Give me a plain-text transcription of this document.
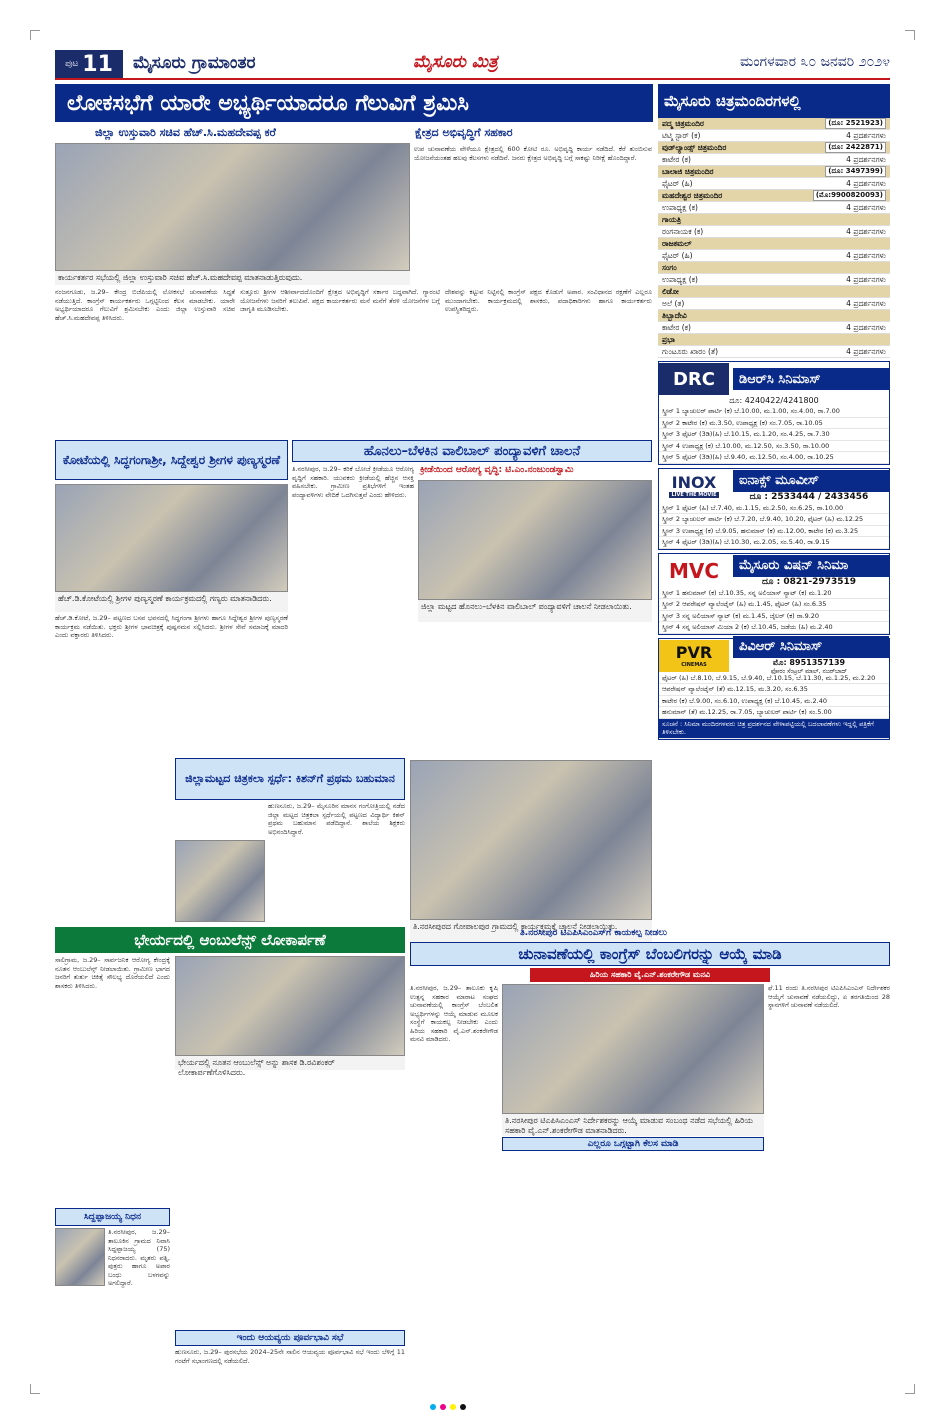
ಪುಟ 11 ಮೈಸೂರು ಗ್ರಾಮಾಂತರ	ಮೈಸೂರು ಮಿತ್ರ	ಮಂಗಳವಾರ ೩೦ ಜನವರಿ ೨೦೨೪
ಲೋಕಸಭೆಗೆ ಯಾರೇ ಅಭ್ಯರ್ಥಿಯಾದರೂ ಗೆಲುವಿಗೆ ಶ್ರಮಿಸಿ
ಜಿಲ್ಲಾ ಉಸ್ತುವಾರಿ ಸಚಿವ ಹೆಚ್.ಸಿ.ಮಹದೇವಪ್ಪ ಕರೆ	ಕ್ಷೇತ್ರದ ಅಭಿವೃದ್ಧಿಗೆ ಸಹಕಾರ
ಕಾರ್ಯಕರ್ತರ ಸಭೆಯಲ್ಲಿ ಜಿಲ್ಲಾ ಉಸ್ತುವಾರಿ ಸಚಿವ ಹೆಚ್.ಸಿ.ಮಹದೇವಪ್ಪ ಮಾತನಾಡುತ್ತಿರುವುದು.
ಉಪ ಚುನಾವಣೆಯ ವೇಳೆಯೂ ಕ್ಷೇತ್ರದಲ್ಲಿ 600 ಕೋಟಿ ರೂ. ಅಭಿವೃದ್ಧಿ ಕಾರ್ಯ ನಡೆದಿದೆ. ಕೆರೆ ತುಂಬಿಸುವ ಯೋಜನೆಯಂತಹ ಹಲವು ಕೆಲಸಗಳು ನಡೆದಿವೆ. ಜನರು ಕ್ಷೇತ್ರದ ಅಭಿವೃದ್ಧಿ ಬಗ್ಗೆ ಸಾಕಷ್ಟು ನಿರೀಕ್ಷೆ ಹೊಂದಿದ್ದಾರೆ.
ನಂಜನಗೂಡು, ಜ.29– ಕೇಂದ್ರ ಬಿಜೆಪಿಯಲ್ಲಿ ಲೋಕಸಭೆ ಚುನಾವಣೆಯ ಸಿದ್ಧತೆ ನಡೆಯುತ್ತಿದೆ. ಕಾಂಗ್ರೆಸ್ ಕಾರ್ಯಕರ್ತರು ಒಗ್ಗಟ್ಟಿನಿಂದ ಕೆಲಸ ಮಾಡಬೇಕು. ಯಾರೇ ಅಭ್ಯರ್ಥಿಯಾದರೂ ಗೆಲುವಿಗೆ ಶ್ರಮಿಸಬೇಕು ಎಂದು ಜಿಲ್ಲಾ ಉಸ್ತುವಾರಿ ಸಚಿವ ಹೆಚ್.ಸಿ.ಮಹದೇವಪ್ಪ ತಿಳಿಸಿದರು.
ಸುತ್ತೂರು ಶ್ರೀಗಳ ಆಶೀರ್ವಾದದೊಂದಿಗೆ ಕ್ಷೇತ್ರದ ಅಭಿವೃದ್ಧಿಗೆ ಸರ್ಕಾರ ಬದ್ಧವಾಗಿದೆ. ಗ್ಯಾರಂಟಿ ಯೋಜನೆಗಳು ಜನರಿಗೆ ತಲುಪಿವೆ. ಪಕ್ಷದ ಕಾರ್ಯಕರ್ತರು ಮನೆ ಮನೆಗೆ ತೆರಳಿ ಯೋಜನೆಗಳ ಬಗ್ಗೆ ಜಾಗೃತಿ ಮೂಡಿಸಬೇಕು.
ದೇಶವನ್ನು ಕಟ್ಟುವ ನಿಟ್ಟಿನಲ್ಲಿ ಕಾಂಗ್ರೆಸ್ ಪಕ್ಷದ ಕೊಡುಗೆ ಅಪಾರ. ಸಂವಿಧಾನದ ರಕ್ಷಣೆಗೆ ಎಲ್ಲರೂ ಮುಂದಾಗಬೇಕು. ಕಾರ್ಯಕ್ರಮದಲ್ಲಿ ಶಾಸಕರು, ಪದಾಧಿಕಾರಿಗಳು ಹಾಗೂ ಕಾರ್ಯಕರ್ತರು ಉಪಸ್ಥಿತರಿದ್ದರು.
ಕೋಟೆಯಲ್ಲಿ ಸಿದ್ಧಗಂಗಾಶ್ರೀ, ಸಿದ್ದೇಶ್ವರ ಶ್ರೀಗಳ ಪುಣ್ಯಸ್ಮರಣೆ
ಹೆಚ್.ಡಿ.ಕೋಟೆಯಲ್ಲಿ ಶ್ರೀಗಳ ಪುಣ್ಯಸ್ಮರಣೆ ಕಾರ್ಯಕ್ರಮದಲ್ಲಿ ಗಣ್ಯರು ಮಾತನಾಡಿದರು.
ಹೆಚ್.ಡಿ.ಕೋಟೆ, ಜ.29– ಪಟ್ಟಣದ ಬಸವ ಭವನದಲ್ಲಿ ಸಿದ್ಧಗಂಗಾ ಶ್ರೀಗಳು ಹಾಗೂ ಸಿದ್ದೇಶ್ವರ ಶ್ರೀಗಳ ಪುಣ್ಯಸ್ಮರಣೆ ಕಾರ್ಯಕ್ರಮ ನಡೆಯಿತು. ಭಕ್ತರು ಶ್ರೀಗಳ ಭಾವಚಿತ್ರಕ್ಕೆ ಪುಷ್ಪನಮನ ಸಲ್ಲಿಸಿದರು. ಶ್ರೀಗಳ ಸೇವೆ ಸಮಾಜಕ್ಕೆ ಮಾದರಿ ಎಂದು ವಕ್ತಾರರು ತಿಳಿಸಿದರು.
ಹೊನಲು–ಬೆಳಕಿನ ವಾಲಿಬಾಲ್ ಪಂದ್ಯಾವಳಿಗೆ ಚಾಲನೆ
ಕ್ರೀಡೆಯಿಂದ ಆರೋಗ್ಯ ವೃದ್ಧಿ: ಟಿ.ಎಂ.ನಂಜುಂಡಸ್ವಾಮಿ
ತಿ.ನರಸೀಪುರ, ಜ.29– ಕರಿಕೆ ಬೋಜೆ ಕ್ರೀಡೆಯೂ ಆರೋಗ್ಯ ವೃದ್ಧಿಗೆ ಸಹಕಾರಿ. ಯುವಕರು ಕ್ರೀಡೆಯಲ್ಲಿ ಹೆಚ್ಚಿನ ಆಸಕ್ತಿ ವಹಿಸಬೇಕು. ಗ್ರಾಮೀಣ ಪ್ರತಿಭೆಗಳಿಗೆ ಇಂತಹ ಪಂದ್ಯಾವಳಿಗಳು ವೇದಿಕೆ ಒದಗಿಸುತ್ತವೆ ಎಂದು ಹೇಳಿದರು.
ಜಿಲ್ಲಾ ಮಟ್ಟದ ಹೊನಲು–ಬೆಳಕಿನ ವಾಲಿಬಾಲ್ ಪಂದ್ಯಾವಳಿಗೆ ಚಾಲನೆ ನೀಡಲಾಯಿತು.
ಜಿಲ್ಲಾಮಟ್ಟದ ಚಿತ್ರಕಲಾ ಸ್ಪರ್ಧೆ: ಕಿಶನ್‌ಗೆ ಪ್ರಥಮ ಬಹುಮಾನ
ಹುಣಸೂರು, ಜ.29– ಮೈಸೂರಿನ ಮಾನಸ ಗಂಗೋತ್ರಿಯಲ್ಲಿ ನಡೆದ ಜಿಲ್ಲಾ ಮಟ್ಟದ ಚಿತ್ರಕಲಾ ಸ್ಪರ್ಧೆಯಲ್ಲಿ ಪಟ್ಟಣದ ವಿದ್ಯಾರ್ಥಿ ಕಿಶನ್ ಪ್ರಥಮ ಬಹುಮಾನ ಪಡೆದಿದ್ದಾನೆ. ಶಾಲೆಯ ಶಿಕ್ಷಕರು ಅಭಿನಂದಿಸಿದ್ದಾರೆ.
ತಿ.ನರಸೀಪುರದ ಗೋಪಾಲಪುರ ಗ್ರಾಮದಲ್ಲಿ ಕಾರ್ಯಕ್ರಮಕ್ಕೆ ಚಾಲನೆ ನೀಡಲಾಯಿತು.
ಭೇರ್ಯದಲ್ಲಿ ಆಂಬುಲೆನ್ಸ್ ಲೋಕಾರ್ಪಣೆ
ಸಾಲಿಗ್ರಾಮ, ಜ.29– ಸಾರ್ವಜನಿಕ ಆರೋಗ್ಯ ಕೇಂದ್ರಕ್ಕೆ ನೂತನ ಆಂಬುಲೆನ್ಸ್ ನೀಡಲಾಯಿತು. ಗ್ರಾಮೀಣ ಭಾಗದ ಜನರಿಗೆ ತುರ್ತು ಚಿಕಿತ್ಸೆ ಸೌಲಭ್ಯ ದೊರೆಯಲಿದೆ ಎಂದು ಶಾಸಕರು ತಿಳಿಸಿದರು.
ಭೇರ್ಯದಲ್ಲಿ ನೂತನ ಆಂಬುಲೆನ್ಸ್ ಅನ್ನು ಶಾಸಕ ಡಿ.ರವಿಶಂಕರ್ ಲೋಕಾರ್ಪಣೆಗೊಳಿಸಿದರು.
ಸಿದ್ದಪ್ಪಾಜಯ್ಯ ನಿಧನ
ತಿ.ನರಸೀಪುರ, ಜ.29– ತಾಲೂಕಿನ ಗ್ರಾಮದ ನಿವಾಸಿ ಸಿದ್ದಪ್ಪಾಜಯ್ಯ (75) ನಿಧನರಾದರು. ಮೃತರು ಪತ್ನಿ, ಪುತ್ರರು ಹಾಗೂ ಅಪಾರ ಬಂಧು ಬಳಗವನ್ನು ಅಗಲಿದ್ದಾರೆ.
ಇಂದು ಆಯವ್ಯಯ ಪೂರ್ವಭಾವಿ ಸಭೆ
ಹುಣಸೂರು, ಜ.29– ಪುರಸಭೆಯ 2024–25ನೇ ಸಾಲಿನ ಆಯವ್ಯಯ ಪೂರ್ವಭಾವಿ ಸಭೆ ಇಂದು ಬೆಳಿಗ್ಗೆ 11 ಗಂಟೆಗೆ ಸಭಾಂಗಣದಲ್ಲಿ ನಡೆಯಲಿದೆ.
ತಿ.ನರಸೀಪುರ ಟಿಎಪಿಸಿಎಂಎಸ್‌ಗೆ ಕಾಯಕಲ್ಪ ನೀಡಲು
ಚುನಾವಣೆಯಲ್ಲಿ ಕಾಂಗ್ರೆಸ್ ಬೆಂಬಲಿಗರನ್ನು ಆಯ್ಕೆ ಮಾಡಿ
ಹಿರಿಯ ಸಹಕಾರಿ ವೈ.ಎನ್.ಶಂಕರೇಗೌಡ ಮನವಿ
ತಿ.ನರಸೀಪುರ, ಜ.29– ತಾಲೂಕು ಕೃಷಿ ಉತ್ಪನ್ನ ಸಹಕಾರ ಮಾರಾಟ ಸಂಘದ ಚುನಾವಣೆಯಲ್ಲಿ ಕಾಂಗ್ರೆಸ್ ಬೆಂಬಲಿತ ಅಭ್ಯರ್ಥಿಗಳನ್ನು ಆಯ್ಕೆ ಮಾಡುವ ಮೂಲಕ ಸಂಸ್ಥೆಗೆ ಕಾಯಕಲ್ಪ ನೀಡಬೇಕು ಎಂದು ಹಿರಿಯ ಸಹಕಾರಿ ವೈ.ಎನ್.ಶಂಕರೇಗೌಡ ಮನವಿ ಮಾಡಿದರು.
ತಿ.ನರಸೀಪುರ ಟಿಎಪಿಸಿಎಂಎಸ್ ನಿರ್ದೇಶಕರನ್ನು ಆಯ್ಕೆ ಮಾಡುವ ಸಂಬಂಧ ನಡೆದ ಸಭೆಯಲ್ಲಿ ಹಿರಿಯ ಸಹಕಾರಿ ವೈ.ಎನ್.ಶಂಕರೇಗೌಡ ಮಾತನಾಡಿದರು.
ಎಲ್ಲರೂ ಒಗ್ಗಟ್ಟಾಗಿ ಕೆಲಸ ಮಾಡಿ
ಫೆ.11 ರಂದು ತಿ.ನರಸೀಪುರ ಟಿಎಪಿಸಿಎಂಎಸ್ ನಿರ್ದೇಶಕರ ಆಯ್ಕೆಗೆ ಚುನಾವಣೆ ನಡೆಯಲಿದ್ದು, ಏ ತರಗತಿಯಿಂದ 28 ಸ್ಥಾನಗಳಿಗೆ ಚುನಾವಣೆ ನಡೆಯಲಿದೆ.
ಮೈಸೂರು ಚಿತ್ರಮಂದಿರಗಳಲ್ಲಿ
ಪದ್ಮ ಚಿತ್ರಮಂದಿರ	(ದೂ: 2521923)
ಟಿಟ್ಮಿ ಸ್ಟಾರ್ (ಕ)	4 ಪ್ರದರ್ಶನಗಳು
ವುಡ್‌ಲ್ಯಾಂಡ್ಸ್ ಚಿತ್ರಮಂದಿರ	(ದೂ: 2422871)
ಕಾಟೇರ (ಕ)	4 ಪ್ರದರ್ಶನಗಳು
ಬಾಲಾಜಿ ಚಿತ್ರಮಂದಿರ	(ದೂ: 3497399)
ಫೈಟರ್ (ಹಿ)	4 ಪ್ರದರ್ಶನಗಳು
ಮಹದೇಶ್ವರ ಚಿತ್ರಮಂದಿರ	(ಮೊ:9900820093)
ಉಪಾಧ್ಯಕ್ಷ (ಕ)	4 ಪ್ರದರ್ಶನಗಳು
ಗಾಯತ್ರಿ
ರಂಗನಾಯಕ (ಕ)	4 ಪ್ರದರ್ಶನಗಳು
ರಾಜಕಮಲ್
ಫೈಟರ್ (ಹಿ)	4 ಪ್ರದರ್ಶನಗಳು
ಸಂಗಂ
ಉಪಾಧ್ಯಕ್ಷ (ಕ)	4 ಪ್ರದರ್ಶನಗಳು
ಲಿಡೋ
ಅಲೆ (ತ)	4 ಪ್ರದರ್ಶನಗಳು
ತಿಬ್ಬಾದೇವಿ
ಕಾಟೇರ (ಕ)	4 ಪ್ರದರ್ಶನಗಳು
ಪ್ರಭಾ
ಗುಂಟೂರು ಖಾರಂ (ತೆ)	4 ಪ್ರದರ್ಶನಗಳು
DRC	ಡಿಆರ್‌ಸಿ ಸಿನಿಮಾಸ್
ದೂ: 4240422/4241800
ಸ್ಕ್ರೀನ್ 1 ಬ್ಯಾಚುಲರ್ ಪಾರ್ಟಿ (ಕ) ಬೆ.10.00, ಮ.1.00, ಸಂ.4.00, ರಾ.7.00
ಸ್ಕ್ರೀನ್ 2 ಕಾಟೇರ (ಕ) ಮ.3.50, ಉಪಾಧ್ಯಕ್ಷ (ಕ) ಸಂ.7.05, ರಾ.10.05
ಸ್ಕ್ರೀನ್ 3 ಫೈಟರ್ (3ಡಿ)(ಹಿ) ಬೆ.10.15, ಮ.1.20, ಸಂ.4.25, ರಾ.7.30
ಸ್ಕ್ರೀನ್ 4 ಉಪಾಧ್ಯಕ್ಷ (ಕ) ಬೆ.10.00, ಮ.12.50, ಸಂ.3.50, ರಾ.10.00
ಸ್ಕ್ರೀನ್ 5 ಫೈಟರ್ (3ಡಿ)(ಹಿ) ಬೆ.9.40, ಮ.12.50, ಸಂ.4.00, ರಾ.10.25
INOX
LIVE THE MOVIE
ಐನಾಕ್ಸ್ ಮೂವೀಸ್
ದೂ : 2533444 / 2433456
ಸ್ಕ್ರೀನ್ 1 ಫೈಟರ್ (ಹಿ) ಬೆ.7.40, ಮ.1.15, ಮ.2.50, ಸಂ.6.25, ರಾ.10.00
ಸ್ಕ್ರೀನ್ 2 ಬ್ಯಾಚುಲರ್ ಪಾರ್ಟಿ (ಕ) ಬೆ.7.20, ಬೆ.9.40, 10.20, ಫೈಟರ್ (ಹಿ) ಮ.12.25
ಸ್ಕ್ರೀನ್ 3 ಉಪಾಧ್ಯಕ್ಷ (ಕ) ಬೆ.9.05, ಹನುಮಾನ್ (ಕ) ಮ.12.00, ಕಾಟೇರ (ಕ) ಮ.3.25
ಸ್ಕ್ರೀನ್ 4 ಫೈಟರ್ (3ಡಿ)(ಹಿ) ಬೆ.10.30, ಮ.2.05, ಸಂ.5.40, ರಾ.9.15
MVC	ಮೈಸೂರು ವಿಷನ್ ಸಿನಿಮಾ
ದೂ : 0821-2973519
ಸ್ಕ್ರೀನ್ 1 ಹನುಮಾನ್ (ಕ) ಬೆ.10.35, ಸನ್ನ ಅಲಿಯಾಸ್ ನ್ಯಾಟ್ (ಕ) ಮ.1.20
ಸ್ಕ್ರೀನ್ 2 ಆಪರೇಷನ್ ವ್ಯಾಲೆಂಟೈನ್ (ಹಿ) ಮ.1.45, ಫೈಟರ್ (ಹಿ) ಸಂ.6.35
ಸ್ಕ್ರೀನ್ 3 ಸನ್ನ ಅಲಿಯಾಸ್ ನ್ಯಾಟ್ (ಕ) ಮ.1.45, ಜೈಲರ್ (ಕ) ರಾ.9.20
ಸ್ಕ್ರೀನ್ 4 ಸನ್ನ ಅಲಿಯಾಸ್ ಮಿಯಾ 2 (ಕ) ಬೆ.10.45, ಜಡೆಯ (ಹಿ) ಮ.2.40
PVR
CINEMAS
ಪಿವಿಆರ್ ಸಿನಿಮಾಸ್
ಮೊ: 8951357139
ಫೋರಂ ಸೆಂಟ್ರಲ್ ಮಾಲ್, ನಜರ್‌ಬಾದ್
ಫೈಟರ್ (ಹಿ) ಬೆ.8.10, ಬೆ.9.15, ಬೆ.9.40, ಬೆ.10.15, ಬೆ.11.30, ಮ.1.25, ಮ.2.20
ಆಪರೇಷನ್ ವ್ಯಾಲೆಂಟೈನ್ (ತೆ) ಮ.12.15, ಮ.3.20, ಸಂ.6.35
ಕಾಟೇರ (ಕ) ಬೆ.9.00, ಸಂ.6.10, ಉಪಾಧ್ಯಕ್ಷ (ಕ) ಬೆ.10.45, ಮ.2.40
ಹನುಮಾನ್ (ತೆ) ಮ.12.25, ರಾ.7.05, ಬ್ಯಾಚುಲರ್ ಪಾರ್ಟಿ (ಕ) ಸಂ.5.00
ಸೂಚನೆ : ಸಿನಿಮಾ ಮಂದಿರಗಳವರು ಚಿತ್ರ ಪ್ರದರ್ಶನದ ವೇಳಾಪಟ್ಟಿಯಲ್ಲಿ ಬದಲಾವಣೆಗಳು ಇದ್ದಲ್ಲಿ ಪತ್ರಿಕೆಗೆ ತಿಳಿಸಬೇಕು.
